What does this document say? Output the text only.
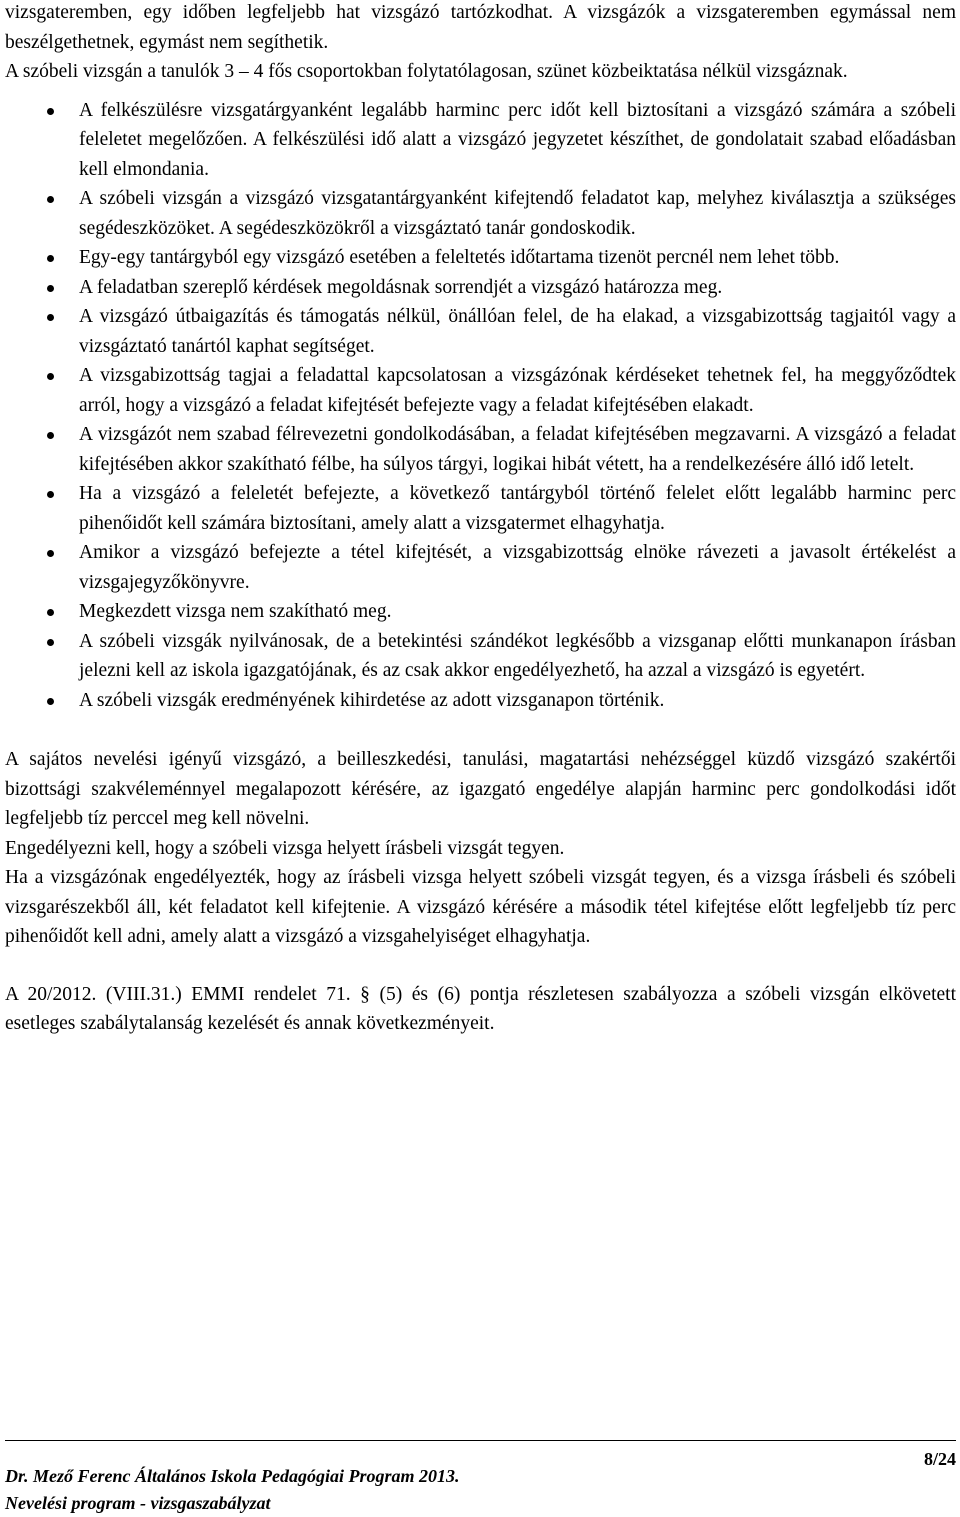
vizsgateremben, egy időben legfeljebb hat vizsgázó tartózkodhat. A vizsgázók a vizsgateremben egymással nem beszélgethetnek, egymást nem segíthetik.

A szóbeli vizsgán a tanulók 3 – 4 fős csoportokban folytatólagosan, szünet közbeiktatása nélkül vizsgáznak.

A felkészülésre vizsgatárgyanként legalább harminc perc időt kell biztosítani a vizsgázó számára a szóbeli feleletet megelőzően. A felkészülési idő alatt a vizsgázó jegyzetet készíthet, de gondolatait szabad előadásban kell elmondania.
A szóbeli vizsgán a vizsgázó vizsgatantárgyanként kifejtendő feladatot kap, melyhez kiválasztja a szükséges segédeszközöket. A segédeszközökről a vizsgáztató tanár gondoskodik.
Egy-egy tantárgyból egy vizsgázó esetében a feleltetés időtartama tizenöt percnél nem lehet több.
A feladatban szereplő kérdések megoldásnak sorrendjét a vizsgázó határozza meg.
A vizsgázó útbaigazítás és támogatás nélkül, önállóan felel, de ha elakad, a vizsgabizottság tagjaitól vagy a vizsgáztató tanártól kaphat segítséget.
A vizsgabizottság tagjai a feladattal kapcsolatosan a vizsgázónak kérdéseket tehetnek fel, ha meggyőződtek arról, hogy a vizsgázó a feladat kifejtését befejezte vagy a feladat kifejtésében elakadt.
A vizsgázót nem szabad félrevezetni gondolkodásában, a feladat kifejtésében megzavarni. A vizsgázó a feladat kifejtésében akkor szakítható félbe, ha súlyos tárgyi, logikai hibát vétett, ha a rendelkezésére álló idő letelt.
Ha a vizsgázó a feleletét befejezte, a következő tantárgyból történő felelet előtt legalább harminc perc pihenőidőt kell számára biztosítani, amely alatt a vizsgatermet elhagyhatja.
Amikor a vizsgázó befejezte a tétel kifejtését, a vizsgabizottság elnöke rávezeti a javasolt értékelést a vizsgajegyzőkönyvre.
Megkezdett vizsga nem szakítható meg.
A szóbeli vizsgák nyilvánosak, de a betekintési szándékot legkésőbb a vizsganap előtti munkanapon írásban jelezni kell az iskola igazgatójának, és az csak akkor engedélyezhető, ha azzal a vizsgázó is egyetért.
A szóbeli vizsgák eredményének kihirdetése az adott vizsganapon történik.

A sajátos nevelési igényű vizsgázó, a beilleszkedési, tanulási, magatartási nehézséggel küzdő vizsgázó szakértői bizottsági szakvéleménnyel megalapozott kérésére, az igazgató engedélye alapján harminc perc gondolkodási időt legfeljebb tíz perccel meg kell növelni.

Engedélyezni kell, hogy a szóbeli vizsga helyett írásbeli vizsgát tegyen.

Ha a vizsgázónak engedélyezték, hogy az írásbeli vizsga helyett szóbeli vizsgát tegyen, és a vizsga írásbeli és szóbeli vizsgarészekből áll, két feladatot kell kifejtenie. A vizsgázó kérésére a második tétel kifejtése előtt legfeljebb tíz perc pihenőidőt kell adni, amely alatt a vizsgázó a vizsgahelyiséget elhagyhatja.

A 20/2012. (VIII.31.) EMMI rendelet 71. § (5) és (6) pontja részletesen szabályozza a szóbeli vizsgán elkövetett esetleges szabálytalanság kezelését és annak következményeit.

8/24
Dr. Mező Ferenc Általános Iskola Pedagógiai Program 2013.
Nevelési program - vizsgaszabályzat
